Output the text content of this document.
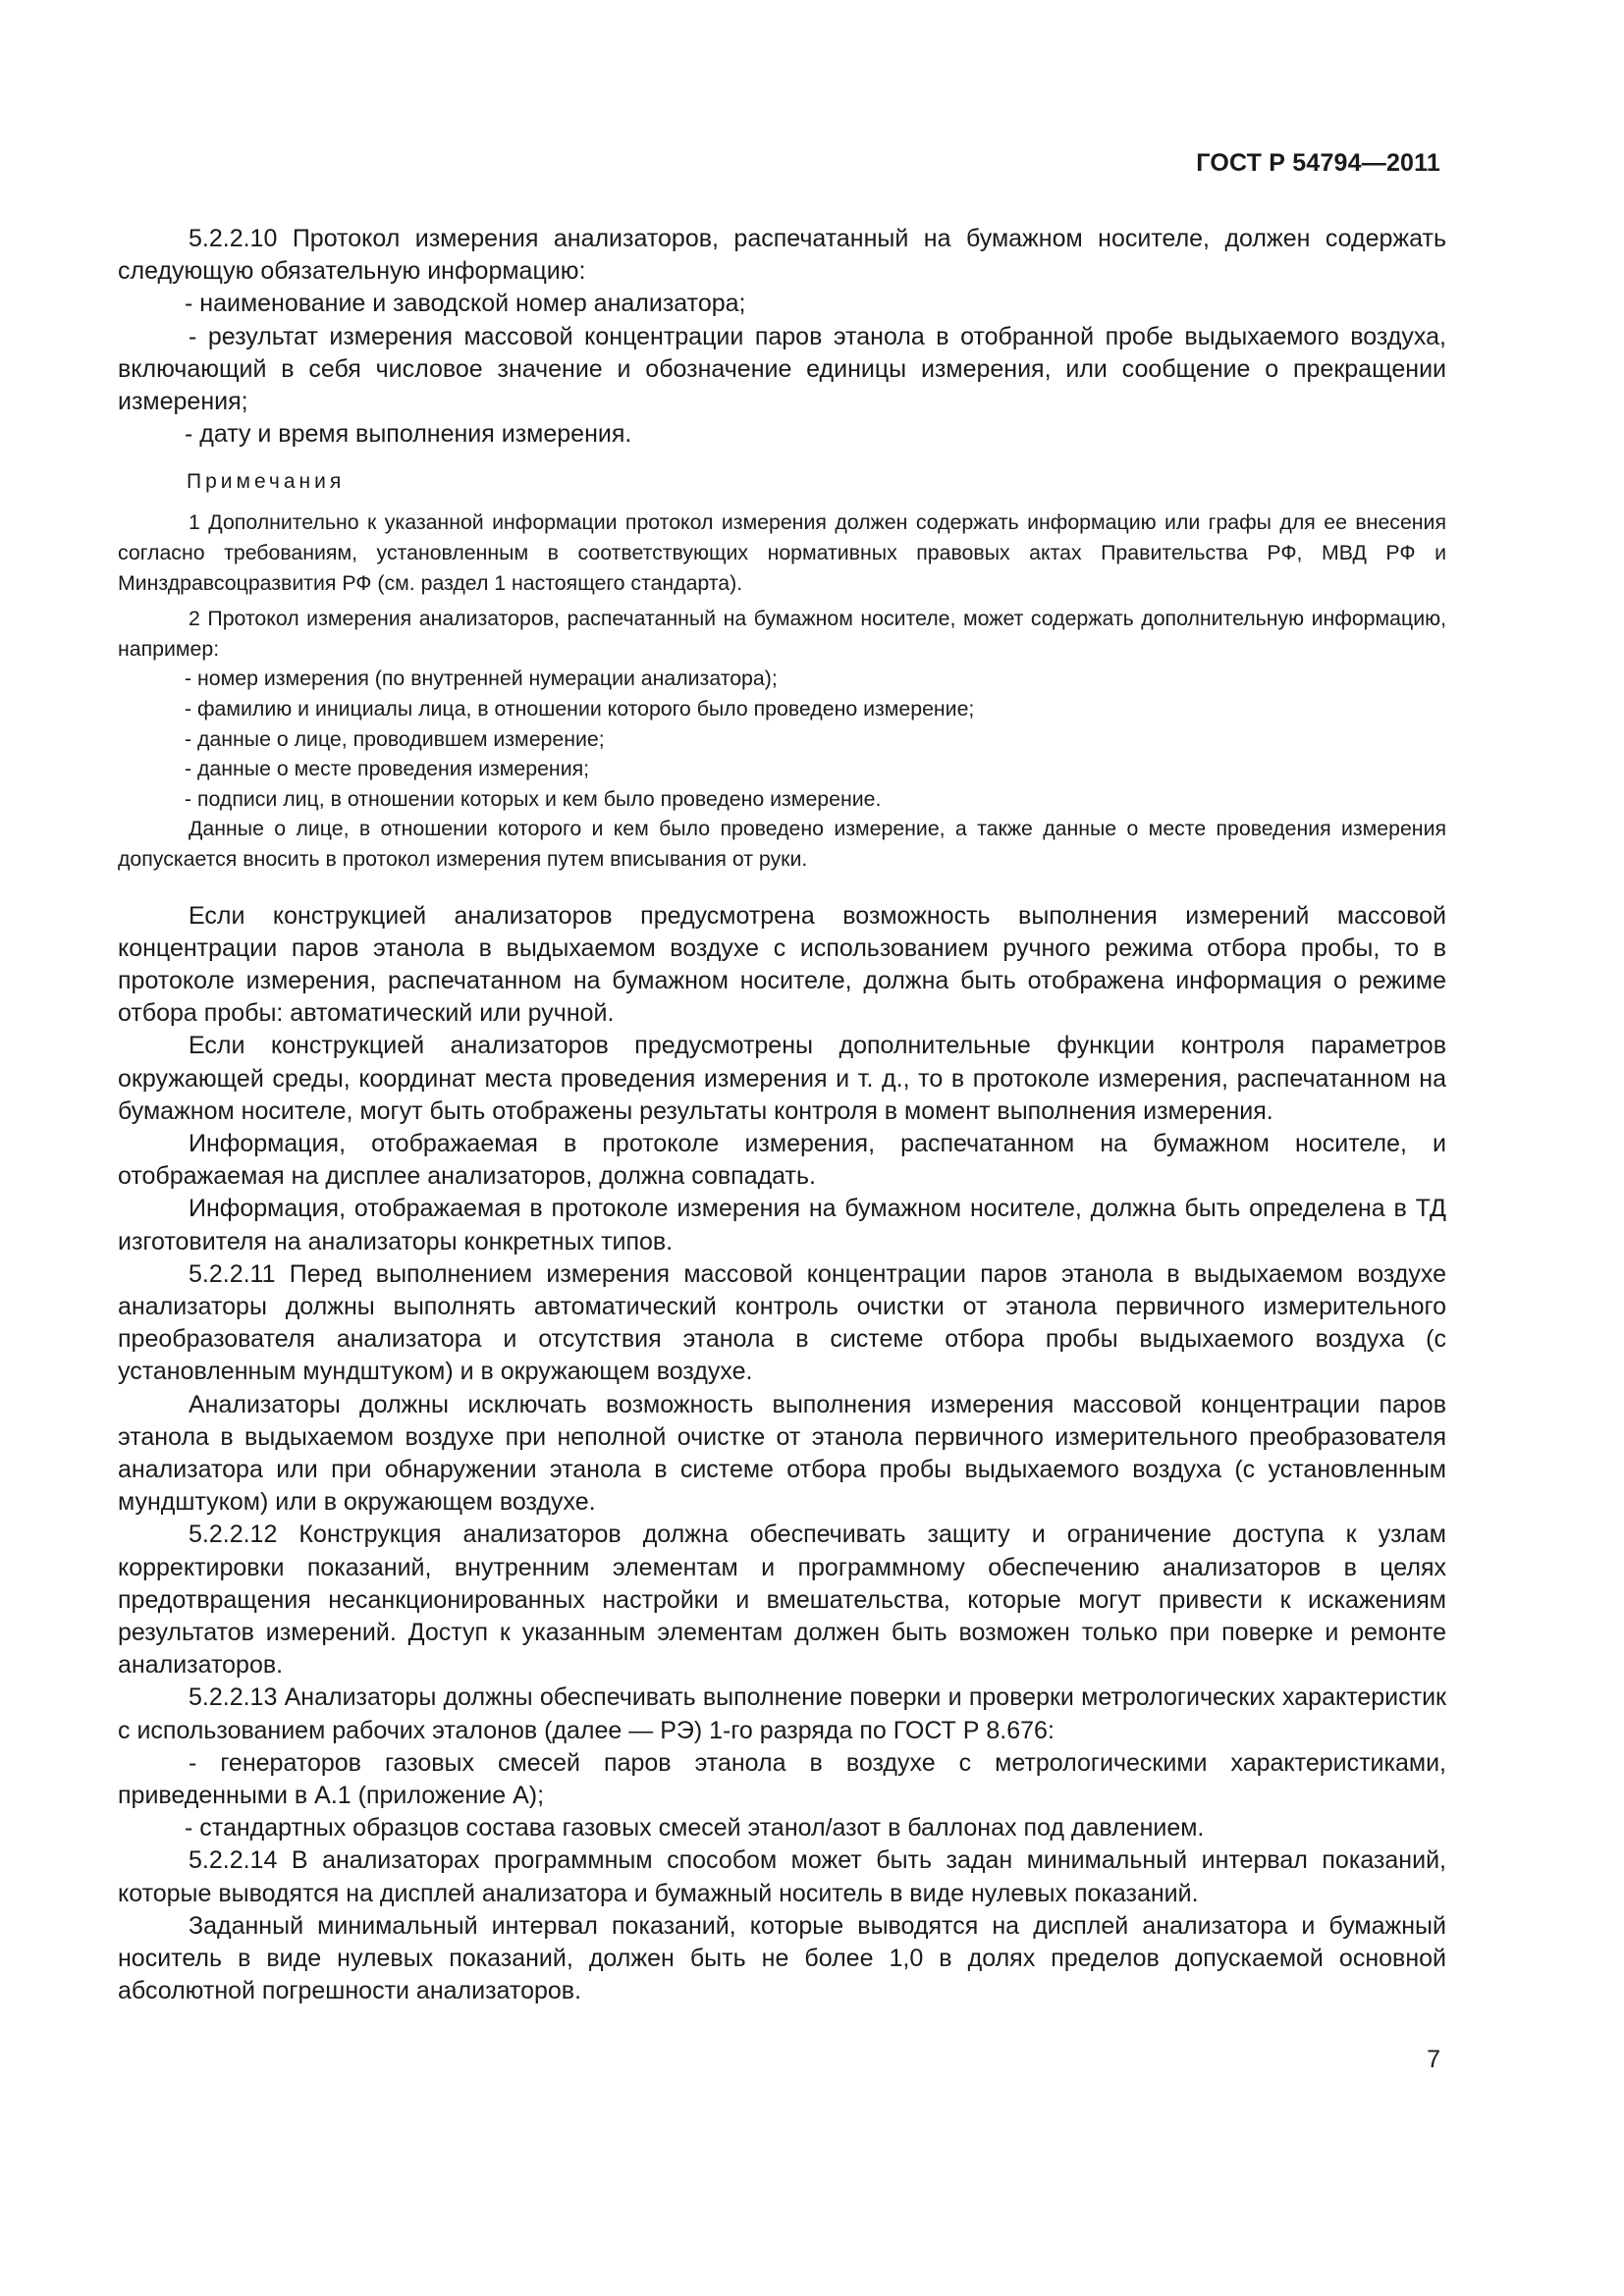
ГОСТ Р 54794—2011

5.2.2.10 Протокол измерения анализаторов, распечатанный на бумажном носителе, должен содержать следующую обязательную информацию:

- наименование и заводской номер анализатора;

- результат измерения массовой концентрации паров этанола в отобранной пробе выдыхаемого воздуха, включающий в себя числовое значение и обозначение единицы измерения, или сообщение о прекращении измерения;

- дату и время выполнения измерения.

Примечания

1 Дополнительно к указанной информации протокол измерения должен содержать информацию или графы для ее внесения согласно требованиям, установленным в соответствующих нормативных правовых актах Правительства РФ, МВД РФ и Минздравсоцразвития РФ (см. раздел 1 настоящего стандарта).

2 Протокол измерения анализаторов, распечатанный на бумажном носителе, может содержать дополнительную информацию, например:

- номер измерения (по внутренней нумерации анализатора);

- фамилию и инициалы лица, в отношении которого было проведено измерение;

- данные о лице, проводившем измерение;

- данные о месте проведения измерения;

- подписи лиц, в отношении которых и кем было проведено измерение.

Данные о лице, в отношении которого и кем было проведено измерение, а также данные о месте проведения измерения допускается вносить в протокол измерения путем вписывания от руки.

Если конструкцией анализаторов предусмотрена возможность выполнения измерений массовой концентрации паров этанола в выдыхаемом воздухе с использованием ручного режима отбора пробы, то в протоколе измерения, распечатанном на бумажном носителе, должна быть отображена информация о режиме отбора пробы: автоматический или ручной.

Если конструкцией анализаторов предусмотрены дополнительные функции контроля параметров окружающей среды, координат места проведения измерения и т. д., то в протоколе измерения, распечатанном на бумажном носителе, могут быть отображены результаты контроля в момент выполнения измерения.

Информация, отображаемая в протоколе измерения, распечатанном на бумажном носителе, и отображаемая на дисплее анализаторов, должна совпадать.

Информация, отображаемая в протоколе измерения на бумажном носителе, должна быть определена в ТД изготовителя на анализаторы конкретных типов.

5.2.2.11 Перед выполнением измерения массовой концентрации паров этанола в выдыхаемом воздухе анализаторы должны выполнять автоматический контроль очистки от этанола первичного измерительного преобразователя анализатора и отсутствия этанола в системе отбора пробы выдыхаемого воздуха (с установленным мундштуком) и в окружающем воздухе.

Анализаторы должны исключать возможность выполнения измерения массовой концентрации паров этанола в выдыхаемом воздухе при неполной очистке от этанола первичного измерительного преобразователя анализатора или при обнаружении этанола в системе отбора пробы выдыхаемого воздуха (с установленным мундштуком) или в окружающем воздухе.

5.2.2.12 Конструкция анализаторов должна обеспечивать защиту и ограничение доступа к узлам корректировки показаний, внутренним элементам и программному обеспечению анализаторов в целях предотвращения несанкционированных настройки и вмешательства, которые могут привести к искажениям результатов измерений. Доступ к указанным элементам должен быть возможен только при поверке и ремонте анализаторов.

5.2.2.13 Анализаторы должны обеспечивать выполнение поверки и проверки метрологических характеристик с использованием рабочих эталонов (далее — РЭ) 1-го разряда по ГОСТ Р 8.676:

- генераторов газовых смесей паров этанола в воздухе с метрологическими характеристиками, приведенными в А.1 (приложение А);

- стандартных образцов состава газовых смесей этанол/азот в баллонах под давлением.

5.2.2.14 В анализаторах программным способом может быть задан минимальный интервал показаний, которые выводятся на дисплей анализатора и бумажный носитель в виде нулевых показаний.

Заданный минимальный интервал показаний, которые выводятся на дисплей анализатора и бумажный носитель в виде нулевых показаний, должен быть не более 1,0 в долях пределов допускаемой основной абсолютной погрешности анализаторов.

7
